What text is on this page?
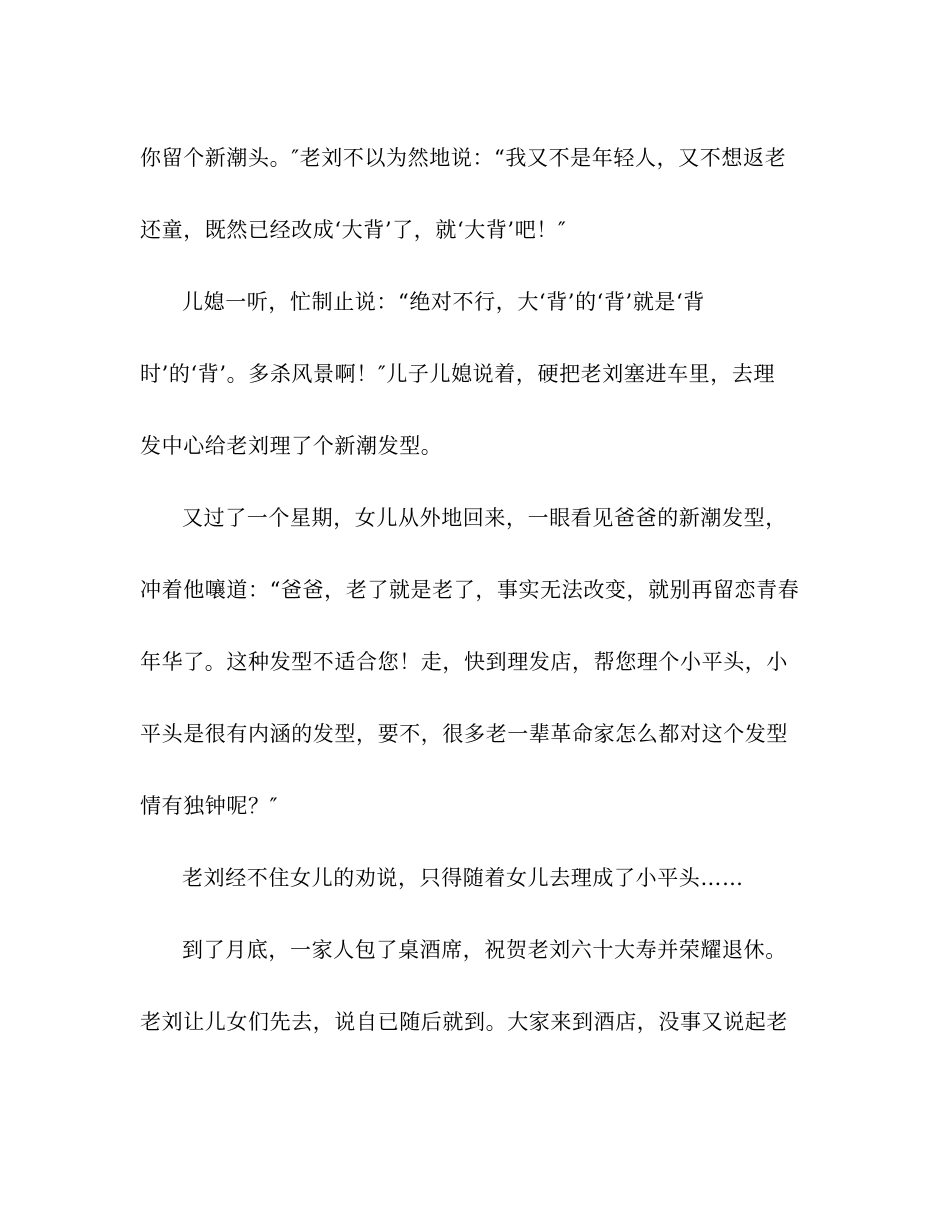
你留个新潮头。″老刘不以为然地说：“我又不是年轻人，又不想返老
还童，既然已经改成‘大背’了，就‘大背’吧！″
儿媳一听，忙制止说：“绝对不行，大‘背’的‘背’就是‘背
时’的‘背’。多杀风景啊！″儿子儿媳说着，硬把老刘塞进车里，去理
发中心给老刘理了个新潮发型。
又过了一个星期，女儿从外地回来，一眼看见爸爸的新潮发型，
冲着他嚷道：“爸爸，老了就是老了，事实无法改变，就别再留恋青春
年华了。这种发型不适合您！走，快到理发店，帮您理个小平头，小
平头是很有内涵的发型，要不，很多老一辈革命家怎么都对这个发型
情有独钟呢？″
老刘经不住女儿的劝说，只得随着女儿去理成了小平头……
到了月底，一家人包了桌酒席，祝贺老刘六十大寿并荣耀退休。
老刘让儿女们先去，说自已随后就到。大家来到酒店，没事又说起老
